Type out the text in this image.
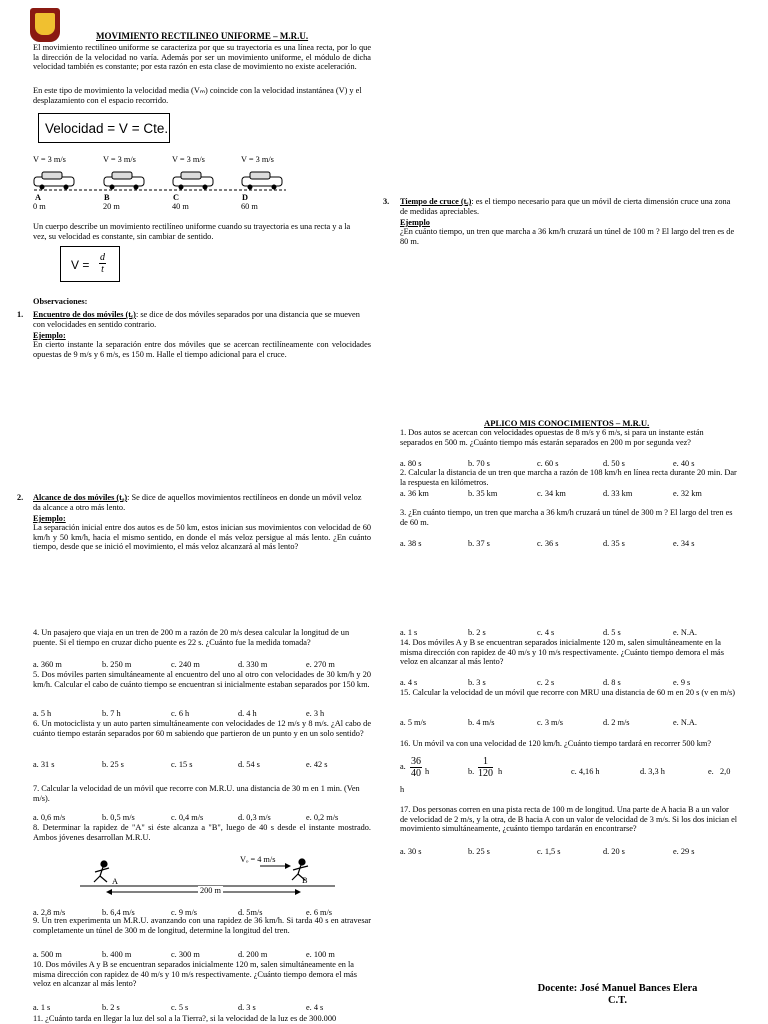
MOVIMIENTO RECTILINEO UNIFORME – M.R.U.

El movimiento rectilíneo uniforme se caracteriza por que su trayectoria es una línea recta, por lo que la dirección de la velocidad no varía. Además por ser un movimiento uniforme, el módulo de dicha velocidad también es constante; por esta razón en esta clase de movimiento no existe aceleración.

En este tipo de movimiento la velocidad media (Vₘ) coincide con la velocidad instantánea (V) y el desplazamiento con el espacio recorrido.

Velocidad = V = Cte.
V = 3 m/s	V = 3 m/s	V = 3 m/s	V = 3 m/s
A	B	C	D
0 m	20 m	40 m	60 m

Un cuerpo describe un movimiento rectilíneo uniforme cuando su trayectoria es una recta y a la vez, su velocidad es constante, sin cambiar de sentido.

$V = \frac{d}{t}$
Observaciones:
1. Encuentro de dos móviles (tₑ): se dice de dos móviles separados por una distancia que se mueven con velocidades en sentido contrario.

Ejemplo:

En cierto instante la separación entre dos móviles que se acercan rectilíneamente con velocidades opuestas de 9 m/s y 6 m/s, es 150 m. Halle el tiempo adicional para el cruce.

2. Alcance de dos móviles (tₐ): Se dice de aquellos movimientos rectilíneos en donde un móvil veloz da alcance a otro más lento.

Ejemplo:

La separación inicial entre dos autos es de 50 km, estos inician sus movimientos con velocidad de 60 km/h y 50 km/h, hacia el mismo sentido, en donde el más veloz persigue al más lento. ¿En cuánto tiempo, desde que se inició el movimiento, el más veloz alcanzará al más lento?

3. Tiempo de cruce (tₑ): es el tiempo necesario para que un móvil de cierta dimensión cruce una zona de medidas apreciables.

Ejemplo

¿En cuánto tiempo, un tren que marcha a 36 km/h cruzará un túnel de 100 m ? El largo del tren es de 80 m.

APLICO MIS CONOCIMIENTOS – M.R.U.

1. Dos autos se acercan con velocidades opuestas de 8 m/s y 6 m/s, si para un instante están separados en 500 m. ¿Cuánto tiempo más estarán separados en 200 m por segunda vez?

a. 80 s	b. 70 s	c. 60 s	d. 50 s	e. 40 s

2. Calcular la distancia de un tren que marcha a razón de 108 km/h en línea recta durante 20 min. Dar la respuesta en kilómetros.

a. 36 km	b. 35 km	c. 34 km	d. 33 km	e. 32 km

3. ¿En cuánto tiempo, un tren que marcha a 36 km/h cruzará un túnel de 300 m ? El largo del tren es de 60 m.

a. 38 s	b. 37 s	c. 36 s	d. 35 s	e. 34 s

4. Un pasajero que viaja en un tren de 200 m a razón de 20 m/s desea calcular la longitud de un puente. Si el tiempo en cruzar dicho puente es 22 s. ¿Cuánto fue la medida tomada?

a. 360 m	b. 250 m	c. 240 m	d. 330 m	e. 270 m

5. Dos móviles parten simultáneamente al encuentro del uno al otro con velocidades de 30 km/h y 20 km/h. Calcular el cabo de cuánto tiempo se encuentran si inicialmente estaban separados por 150 km.

a. 5 h	b. 7 h	c. 6 h	d. 4 h	e. 3 h

6. Un motociclista y un auto parten simultáneamente con velocidades de 12 m/s y 8 m/s. ¿Al cabo de cuánto tiempo estarán separados por 60 m sabiendo que partieron de un punto y en un solo sentido?

a. 31 s	b. 25 s	c. 15 s	d. 54 s	e. 42 s

7. Calcular la velocidad de un móvil que recorre con M.R.U. una distancia de 30 m en 1 min. (Ven m/s).

a. 0,6 m/s	b. 0,5 m/s	c. 0,4 m/s	d. 0,3 m/s	e. 0,2 m/s

8. Determinar la rapidez de "A" si éste alcanza a "B", luego de 40 s desde el instante mostrado. Ambos jóvenes desarrollan M.R.U.

Vₒ = 4 m/s
A	B
200 m
a. 2,8 m/s	b. 6,4 m/s	c. 9 m/s	d. 5m/s	e. 6 m/s

9. Un tren experimenta un M.R.U. avanzando con una rapidez de 36 km/h. Si tarda 40 s en atravesar completamente un túnel de 300 m de longitud, determine la longitud del tren.

a. 500 m	b. 400 m	c. 300 m	d. 200 m	e. 100 m

10. Dos móviles A y B se encuentran separados inicialmente 120 m, salen simultáneamente en la misma dirección con rapidez de 40 m/s y 10 m/s respectivamente. ¿Cuánto tiempo demora el más veloz en alcanzar al más lento?

a. 1 s	b. 2 s	c. 5 s	d. 3 s	e. 4 s

11. ¿Cuánto tarda en llegar la luz del sol a la Tierra?, si la velocidad de la luz es de 300.000

a. 1 s	b. 2 s	c. 4 s	d. 5 s	e. N.A.

14. Dos móviles A y B se encuentran separados inicialmente 120 m, salen simultáneamente en la misma dirección con rapidez de 40 m/s y 10 m/s respectivamente. ¿Cuánto tiempo demora el más veloz en alcanzar al más lento?

a. 4 s	b. 3 s	c. 2 s	d. 8 s	e. 9 s

15. Calcular la velocidad de un móvil que recorre con MRU una distancia de 60 m en 20 s (v en m/s)

a. 5 m/s	b. 4 m/s	c. 3 m/s	d. 2 m/s	e. N.A.

16. Un móvil va con una velocidad de 120 km/h. ¿Cuánto tiempo tardará en recorrer 500 km?

a. $\frac{36}{40}$ h	b. $\frac{1}{120}$ h	c. 4,16 h	d. 3,3 h	e.   2,0
h

17. Dos personas corren en una pista recta de 100 m de longitud. Una parte de A hacia B a un valor de velocidad de 2 m/s, y la otra, de B hacia A con un valor de velocidad de 3 m/s. Si los dos inician el movimiento simultáneamente, ¿cuánto tiempo tardarán en encontrarse?

a. 30 s	b. 25 s	c. 1,5 s	d. 20 s	e. 29 s
Docente: José Manuel Bances Elera
C.T.
